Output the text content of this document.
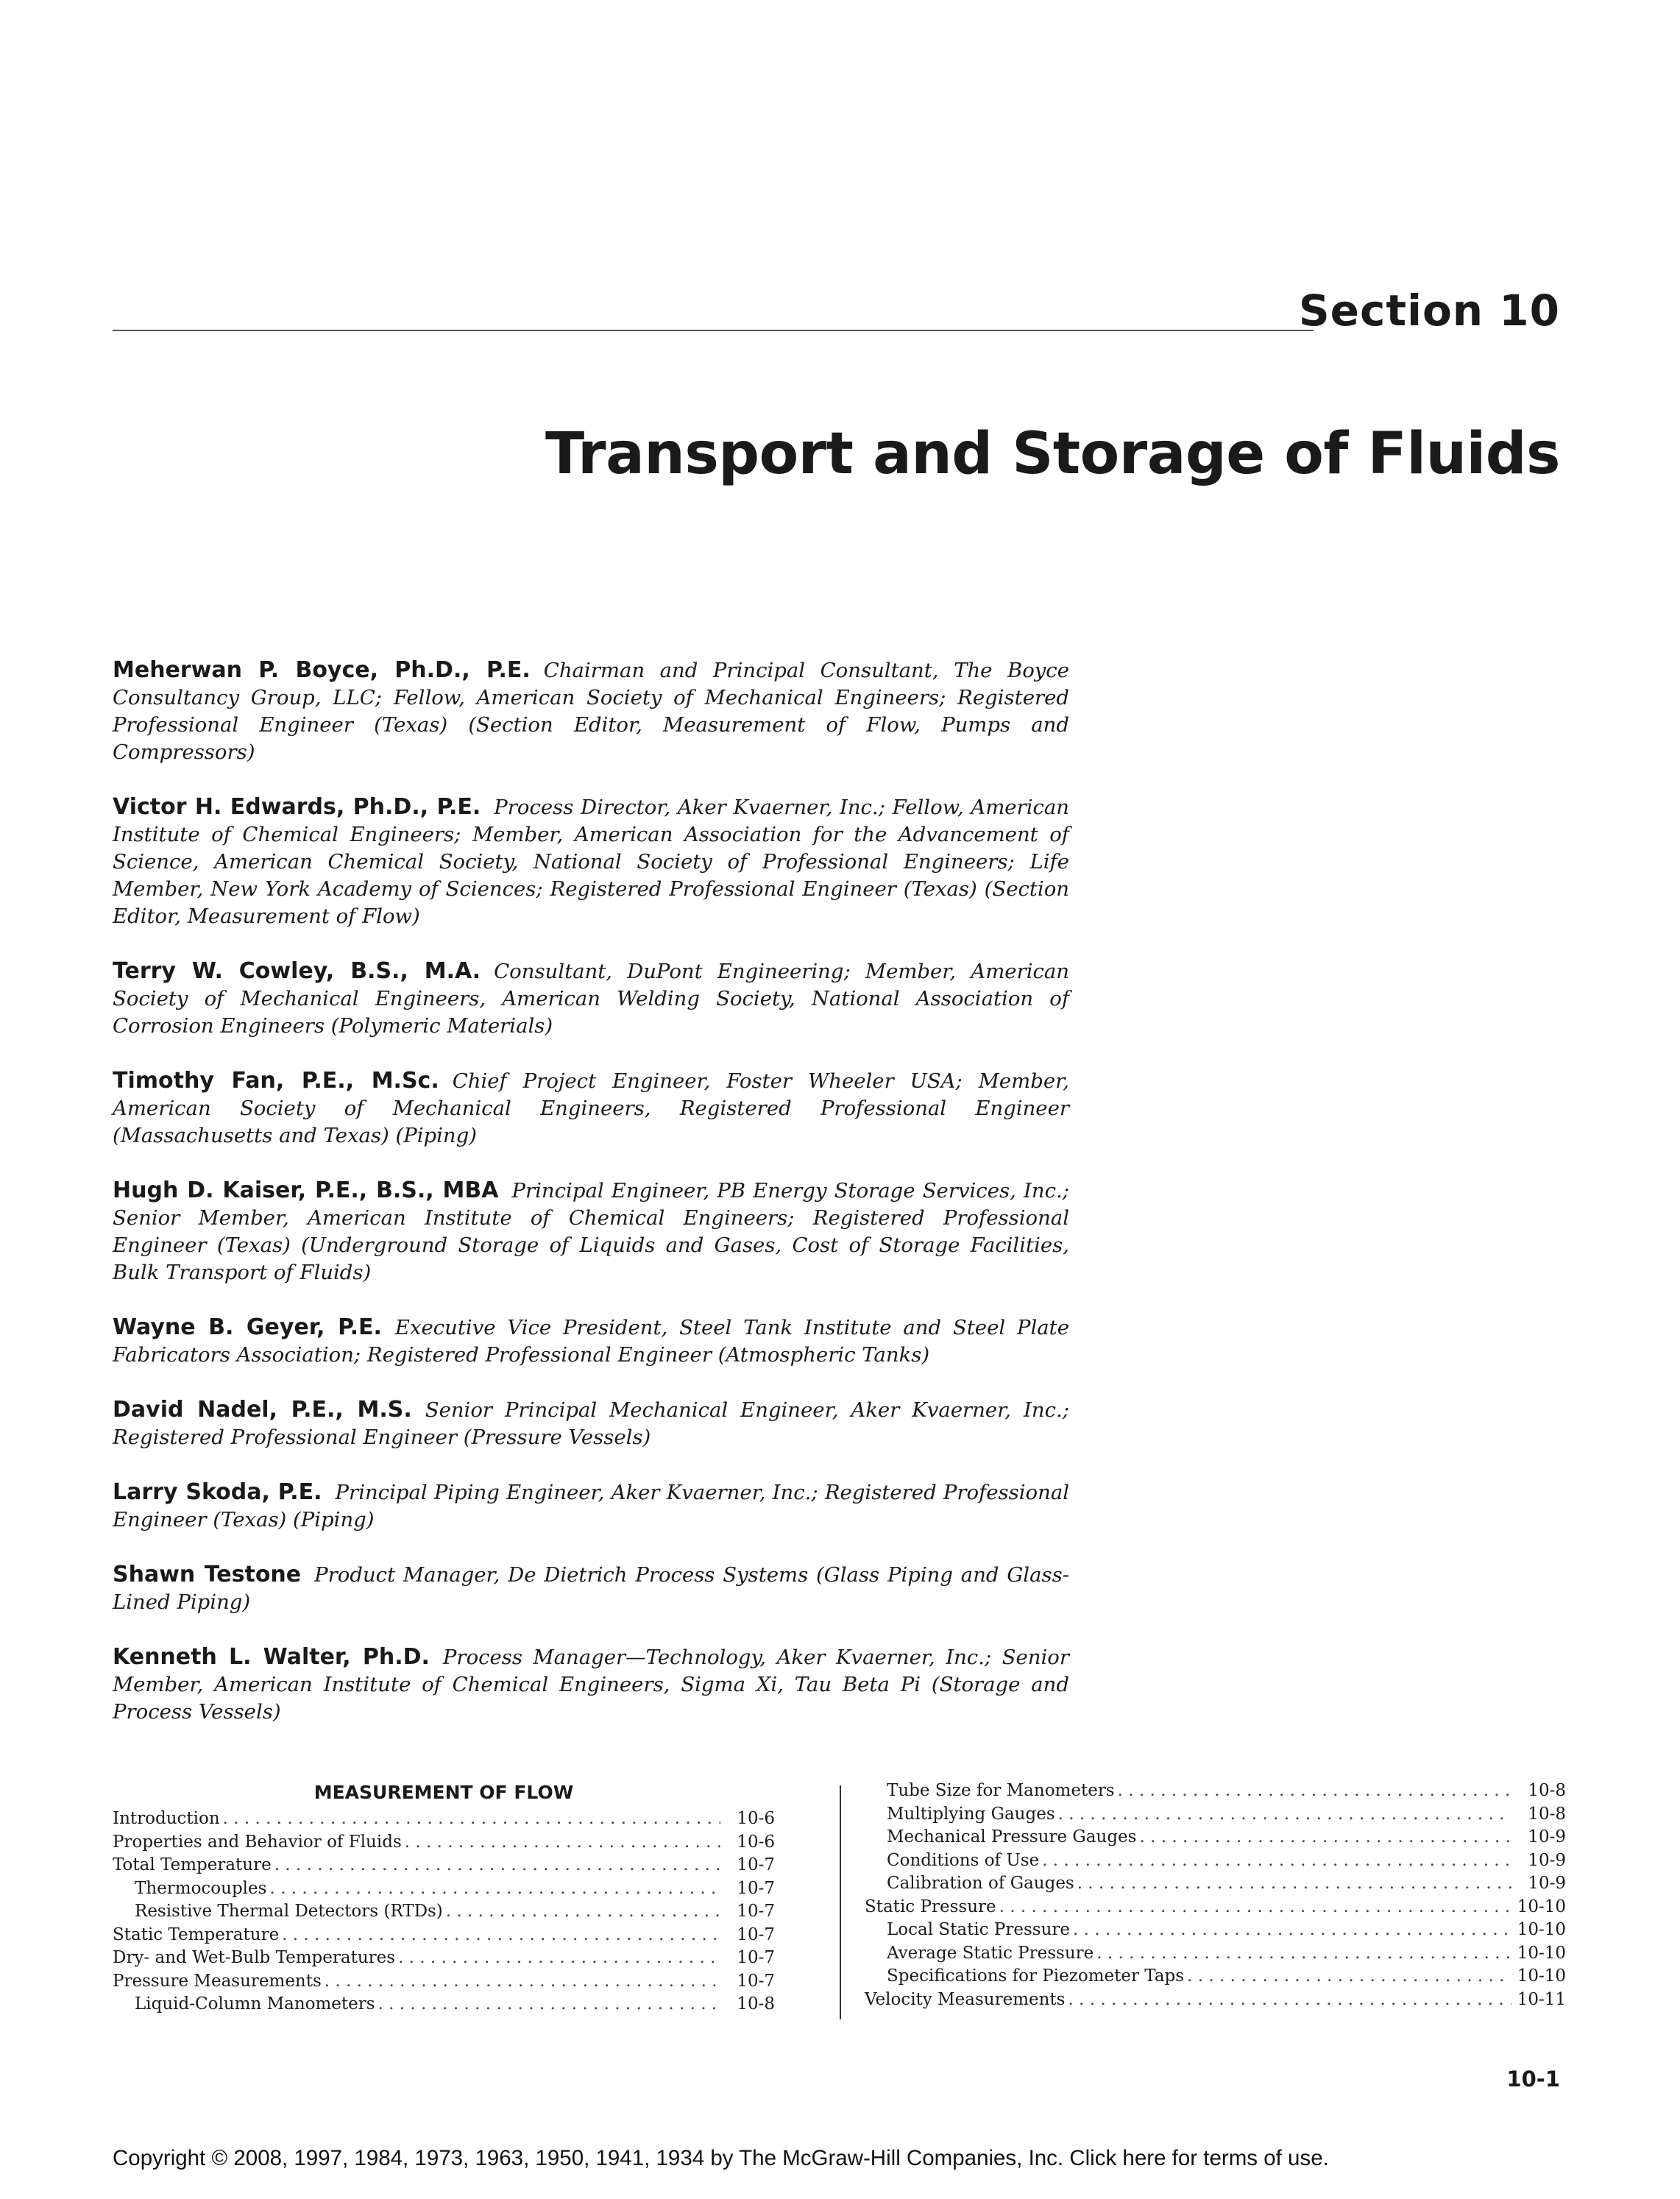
Section 10
Transport and Storage of Fluids

Meherwan P. Boyce, Ph.D., P.E. Chairman and Principal Consultant, The Boyce Consultancy Group, LLC; Fellow, American Society of Mechanical Engineers; Registered Professional Engineer (Texas) (Section Editor, Measurement of Flow, Pumps and Compressors)

Victor H. Edwards, Ph.D., P.E. Process Director, Aker Kvaerner, Inc.; Fellow, American Institute of Chemical Engineers; Member, American Association for the Advancement of Science, American Chemical Society, National Society of Professional Engineers; Life Member, New York Academy of Sciences; Registered Professional Engineer (Texas) (Section Editor, Measurement of Flow)

Terry W. Cowley, B.S., M.A. Consultant, DuPont Engineering; Member, American Society of Mechanical Engineers, American Welding Society, National Association of Corrosion Engineers (Polymeric Materials)

Timothy Fan, P.E., M.Sc. Chief Project Engineer, Foster Wheeler USA; Member, American Society of Mechanical Engineers, Registered Professional Engineer (Massachusetts and Texas) (Piping)

Hugh D. Kaiser, P.E., B.S., MBA Principal Engineer, PB Energy Storage Services, Inc.; Senior Member, American Institute of Chemical Engineers; Registered Professional Engineer (Texas) (Underground Storage of Liquids and Gases, Cost of Storage Facilities, Bulk Transport of Fluids)

Wayne B. Geyer, P.E. Executive Vice President, Steel Tank Institute and Steel Plate Fabricators Association; Registered Professional Engineer (Atmospheric Tanks)

David Nadel, P.E., M.S. Senior Principal Mechanical Engineer, Aker Kvaerner, Inc.; Registered Professional Engineer (Pressure Vessels)

Larry Skoda, P.E. Principal Piping Engineer, Aker Kvaerner, Inc.; Registered Professional Engineer (Texas) (Piping)

Shawn Testone Product Manager, De Dietrich Process Systems (Glass Piping and Glass-Lined Piping)

Kenneth L. Walter, Ph.D. Process Manager—Technology, Aker Kvaerner, Inc.; Senior Member, American Institute of Chemical Engineers, Sigma Xi, Tau Beta Pi (Storage and Process Vessels)

MEASUREMENT OF FLOW
Introduction . . .	10-6
Properties and Behavior of Fluids . . .	10-6
Total Temperature . . .	10-7
Thermocouples . . .	10-7
Resistive Thermal Detectors (RTDs) . . .	10-7
Static Temperature . . .	10-7
Dry- and Wet-Bulb Temperatures . . .	10-7
Pressure Measurements . . .	10-7
Liquid-Column Manometers . . .	10-8
Tube Size for Manometers . . .	10-8
Multiplying Gauges . . .	10-8
Mechanical Pressure Gauges . . .	10-9
Conditions of Use . . .	10-9
Calibration of Gauges . . .	10-9
Static Pressure . . .	10-10
Local Static Pressure . . .	10-10
Average Static Pressure . . .	10-10
Specifications for Piezometer Taps . . .	10-10
Velocity Measurements . . .	10-11
10-1
Copyright © 2008, 1997, 1984, 1973, 1963, 1950, 1941, 1934 by The McGraw-Hill Companies, Inc. Click here for terms of use.
